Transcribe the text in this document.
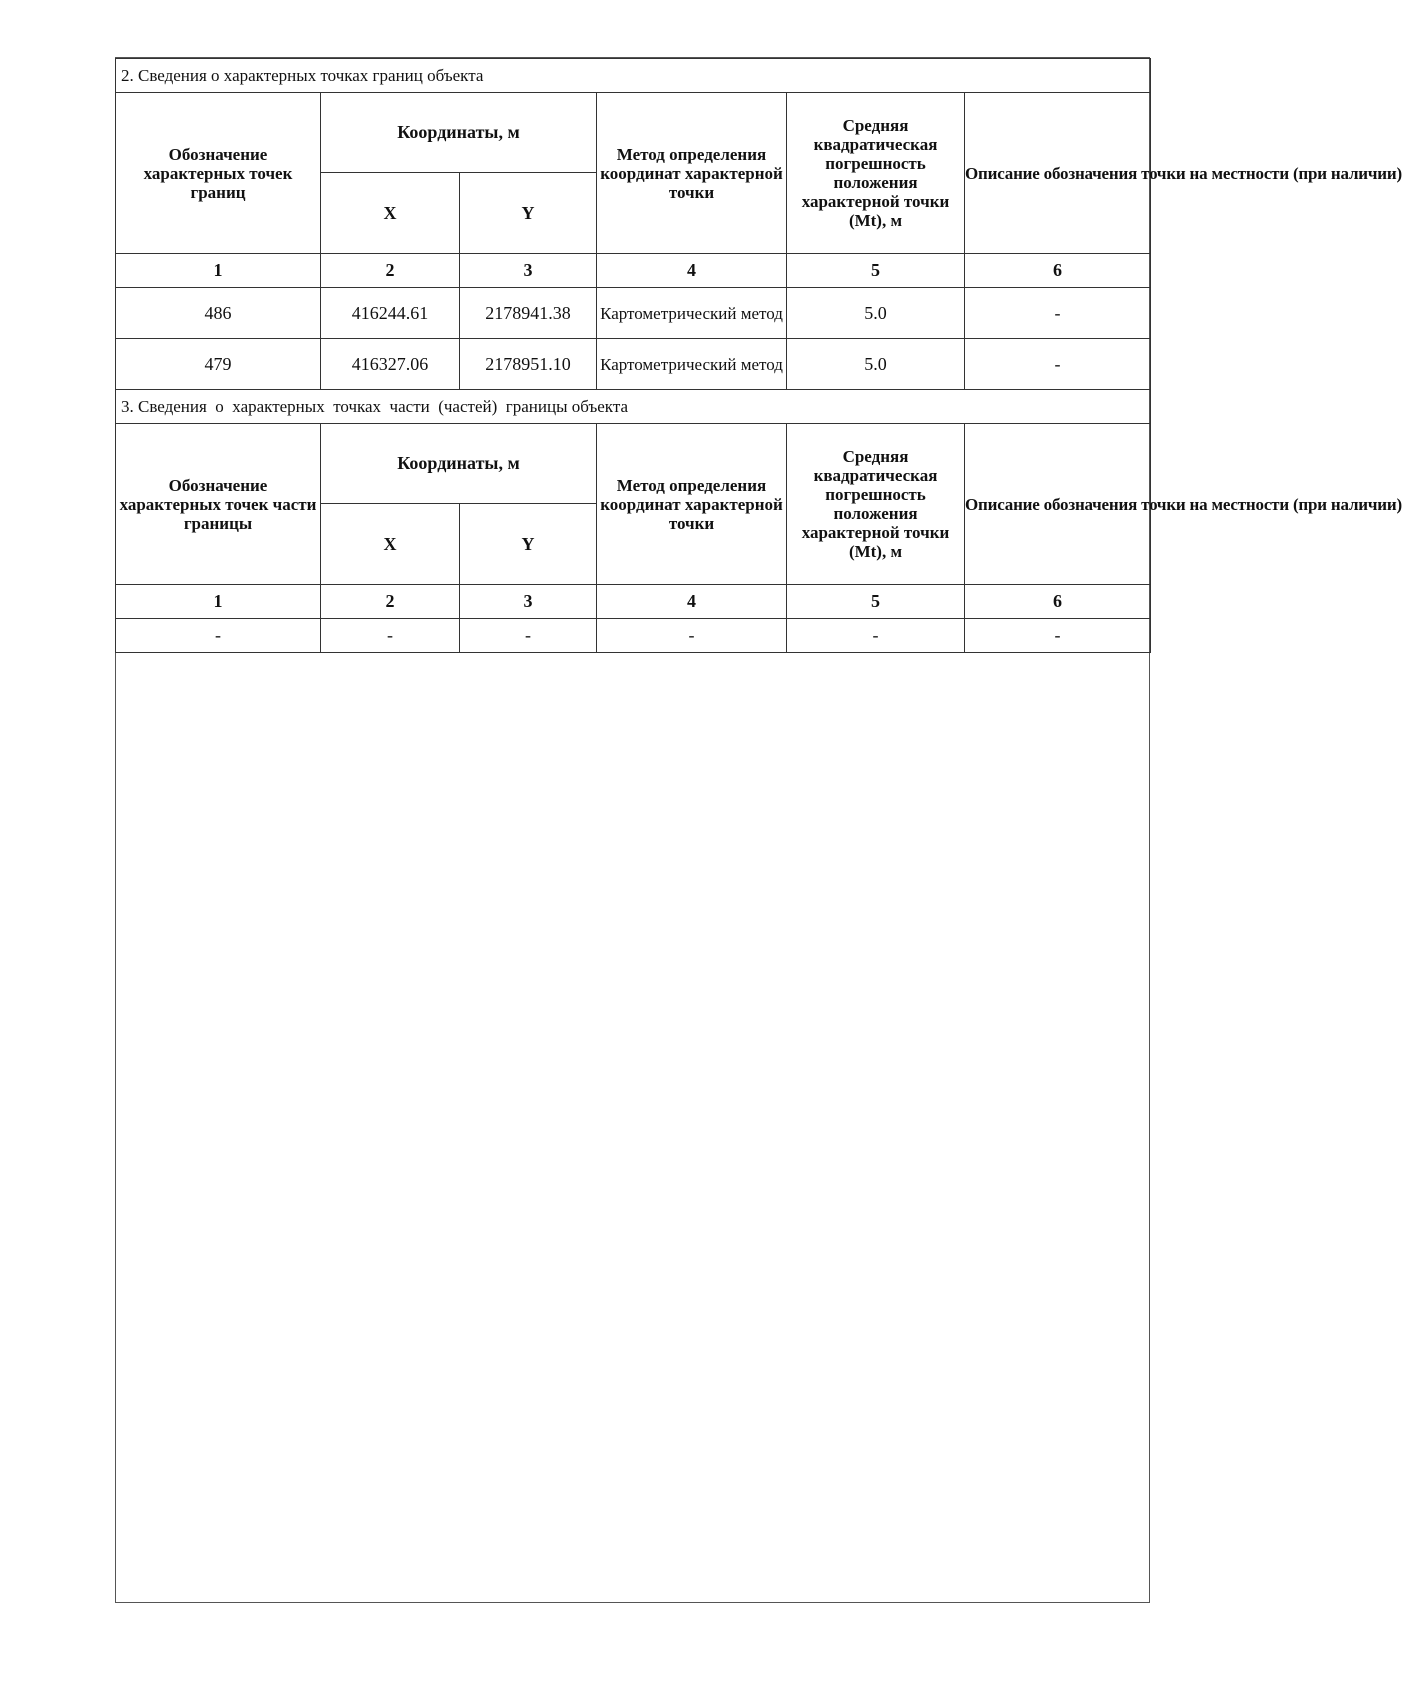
2. Сведения о характерных точках границ объекта					
Обозначение характерных точек границ	Координаты, м		Метод определения координат характерной точки	Средняя квадратическая погрешность положения характерной точки (Mt), м	Описание обозначения точки на местности (при наличии)
	X	Y			
1	2	3	4	5	6
486	416244.61	2178941.38	Картометрический метод	5.0	-
479	416327.06	2178951.10	Картометрический метод	5.0	-
3. Сведения  о  характерных  точках  части  (частей)  границы объекта					
Обозначение характерных точек части границы	Координаты, м		Метод определения координат характерной точки	Средняя квадратическая погрешность положения характерной точки (Mt), м	Описание обозначения точки на местности (при наличии)
	X	Y			
1	2	3	4	5	6
-	-	-	-	-	-
